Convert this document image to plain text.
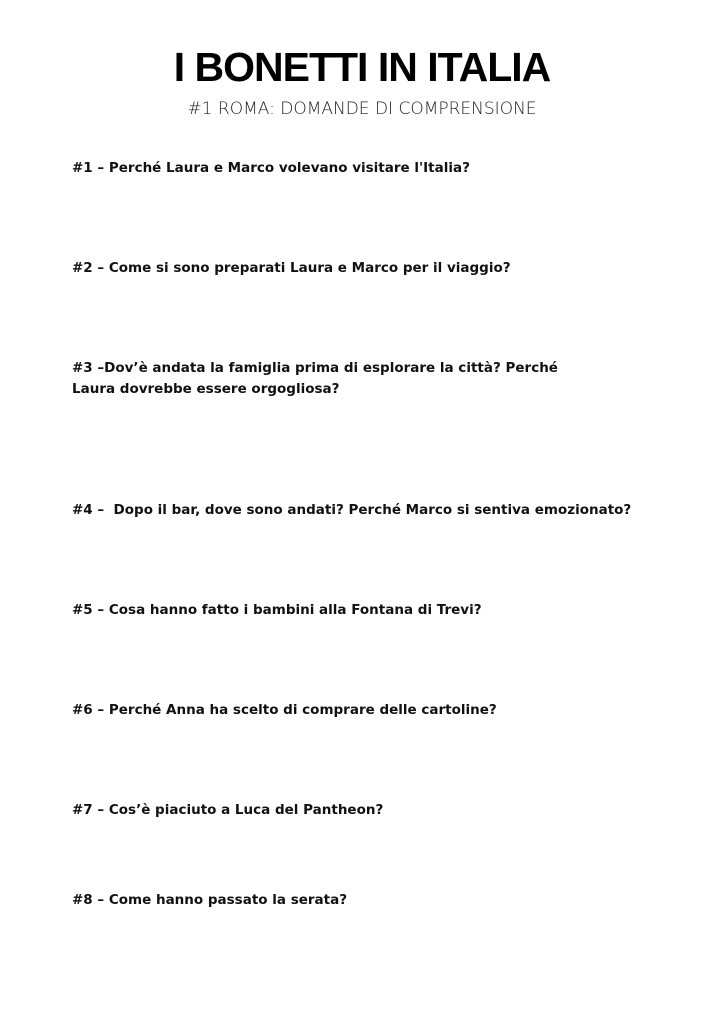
I BONETTI IN ITALIA
#1 ROMA: DOMANDE DI COMPRENSIONE
#1 – Perché Laura e Marco volevano visitare l'Italia?
#2 – Come si sono preparati Laura e Marco per il viaggio?
#3 –Dov’è andata la famiglia prima di esplorare la città? Perché Laura dovrebbe essere orgogliosa?
#4 –  Dopo il bar, dove sono andati? Perché Marco si sentiva emozionato?
#5 – Cosa hanno fatto i bambini alla Fontana di Trevi?
#6 – Perché Anna ha scelto di comprare delle cartoline?
#7 – Cos’è piaciuto a Luca del Pantheon?
#8 – Come hanno passato la serata?
